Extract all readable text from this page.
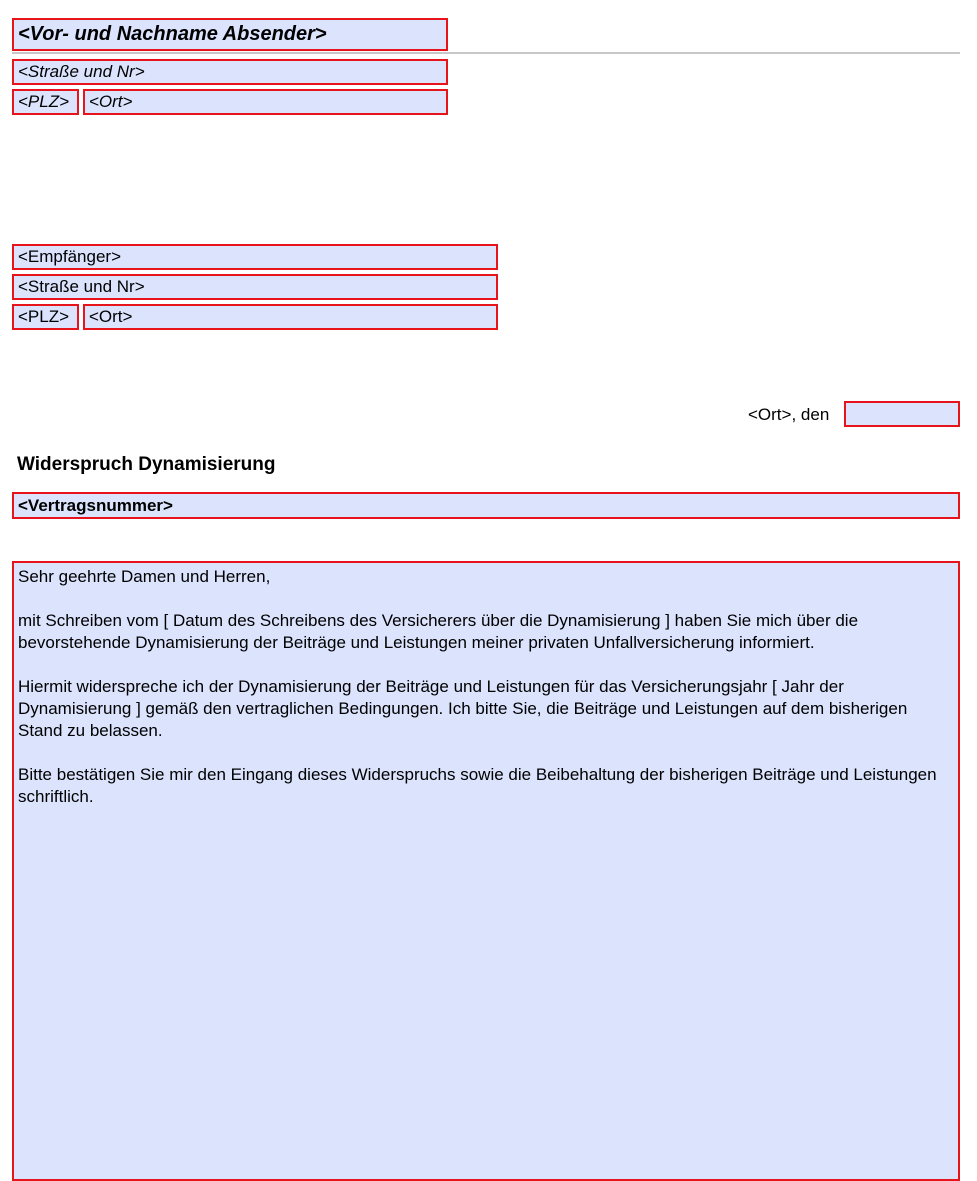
<Vor- und Nachname Absender>
<Straße und Nr>
<PLZ>	<Ort>
<Empfänger>
<Straße und Nr>
<PLZ>	<Ort>
<Ort>, den
Widerspruch Dynamisierung
<Vertragsnummer>

Sehr geehrte Damen und Herren,

mit Schreiben vom [ Datum des Schreibens des Versicherers über die Dynamisierung ] haben Sie mich über die bevorstehende Dynamisierung der Beiträge und Leistungen meiner privaten Unfallversicherung informiert.

Hiermit widerspreche ich der Dynamisierung der Beiträge und Leistungen für das Versicherungsjahr [ Jahr der Dynamisierung ] gemäß den vertraglichen Bedingungen. Ich bitte Sie, die Beiträge und Leistungen auf dem bisherigen Stand zu belassen.

Bitte bestätigen Sie mir den Eingang dieses Widerspruchs sowie die Beibehaltung der bisherigen Beiträge und Leistungen schriftlich.
